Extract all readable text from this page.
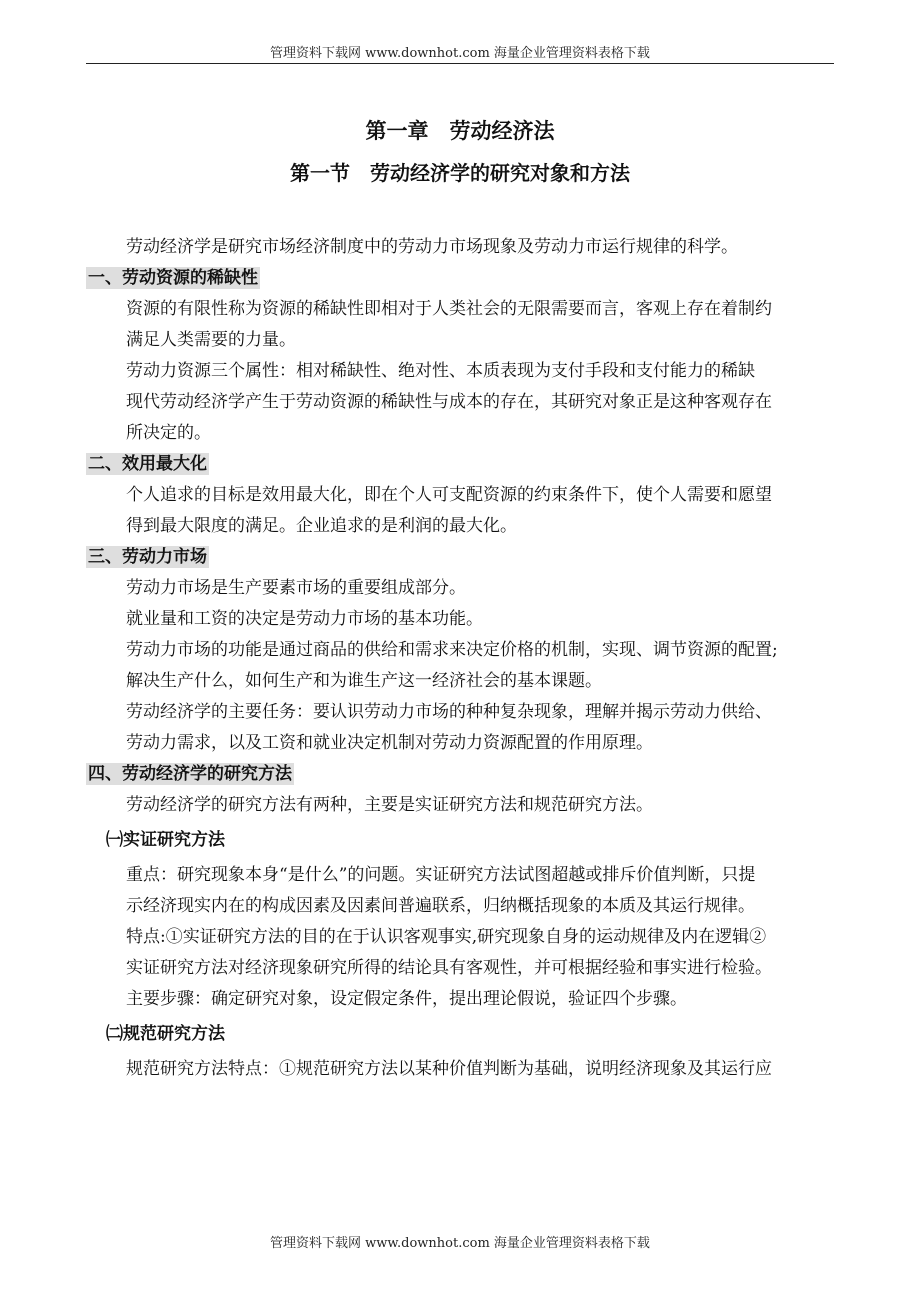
管理资料下载网 www.downhot.com 海量企业管理资料表格下载
第一章　劳动经济法
第一节　劳动经济学的研究对象和方法
劳动经济学是研究市场经济制度中的劳动力市场现象及劳动力市运行规律的科学。
一、劳动资源的稀缺性
资源的有限性称为资源的稀缺性即相对于人类社会的无限需要而言，客观上存在着制约
满足人类需要的力量。
劳动力资源三个属性：相对稀缺性、绝对性、本质表现为支付手段和支付能力的稀缺
现代劳动经济学产生于劳动资源的稀缺性与成本的存在，其研究对象正是这种客观存在
所决定的。
二、效用最大化
个人追求的目标是效用最大化，即在个人可支配资源的约束条件下，使个人需要和愿望
得到最大限度的满足。企业追求的是利润的最大化。
三、劳动力市场
劳动力市场是生产要素市场的重要组成部分。
就业量和工资的决定是劳动力市场的基本功能。
劳动力市场的功能是通过商品的供给和需求来决定价格的机制，实现、调节资源的配置;
解决生产什么，如何生产和为谁生产这一经济社会的基本课题。
劳动经济学的主要任务：要认识劳动力市场的种种复杂现象，理解并揭示劳动力供给、
劳动力需求，以及工资和就业决定机制对劳动力资源配置的作用原理。
四、劳动经济学的研究方法
劳动经济学的研究方法有两种，主要是实证研究方法和规范研究方法。
㈠实证研究方法
重点：研究现象本身“是什么”的问题。实证研究方法试图超越或排斥价值判断，只提
示经济现实内在的构成因素及因素间普遍联系，归纳概括现象的本质及其运行规律。
特点:①实证研究方法的目的在于认识客观事实,研究现象自身的运动规律及内在逻辑②
实证研究方法对经济现象研究所得的结论具有客观性，并可根据经验和事实进行检验。
主要步骤：确定研究对象，设定假定条件，提出理论假说，验证四个步骤。
㈡规范研究方法
规范研究方法特点：①规范研究方法以某种价值判断为基础，说明经济现象及其运行应
管理资料下载网 www.downhot.com 海量企业管理资料表格下载
